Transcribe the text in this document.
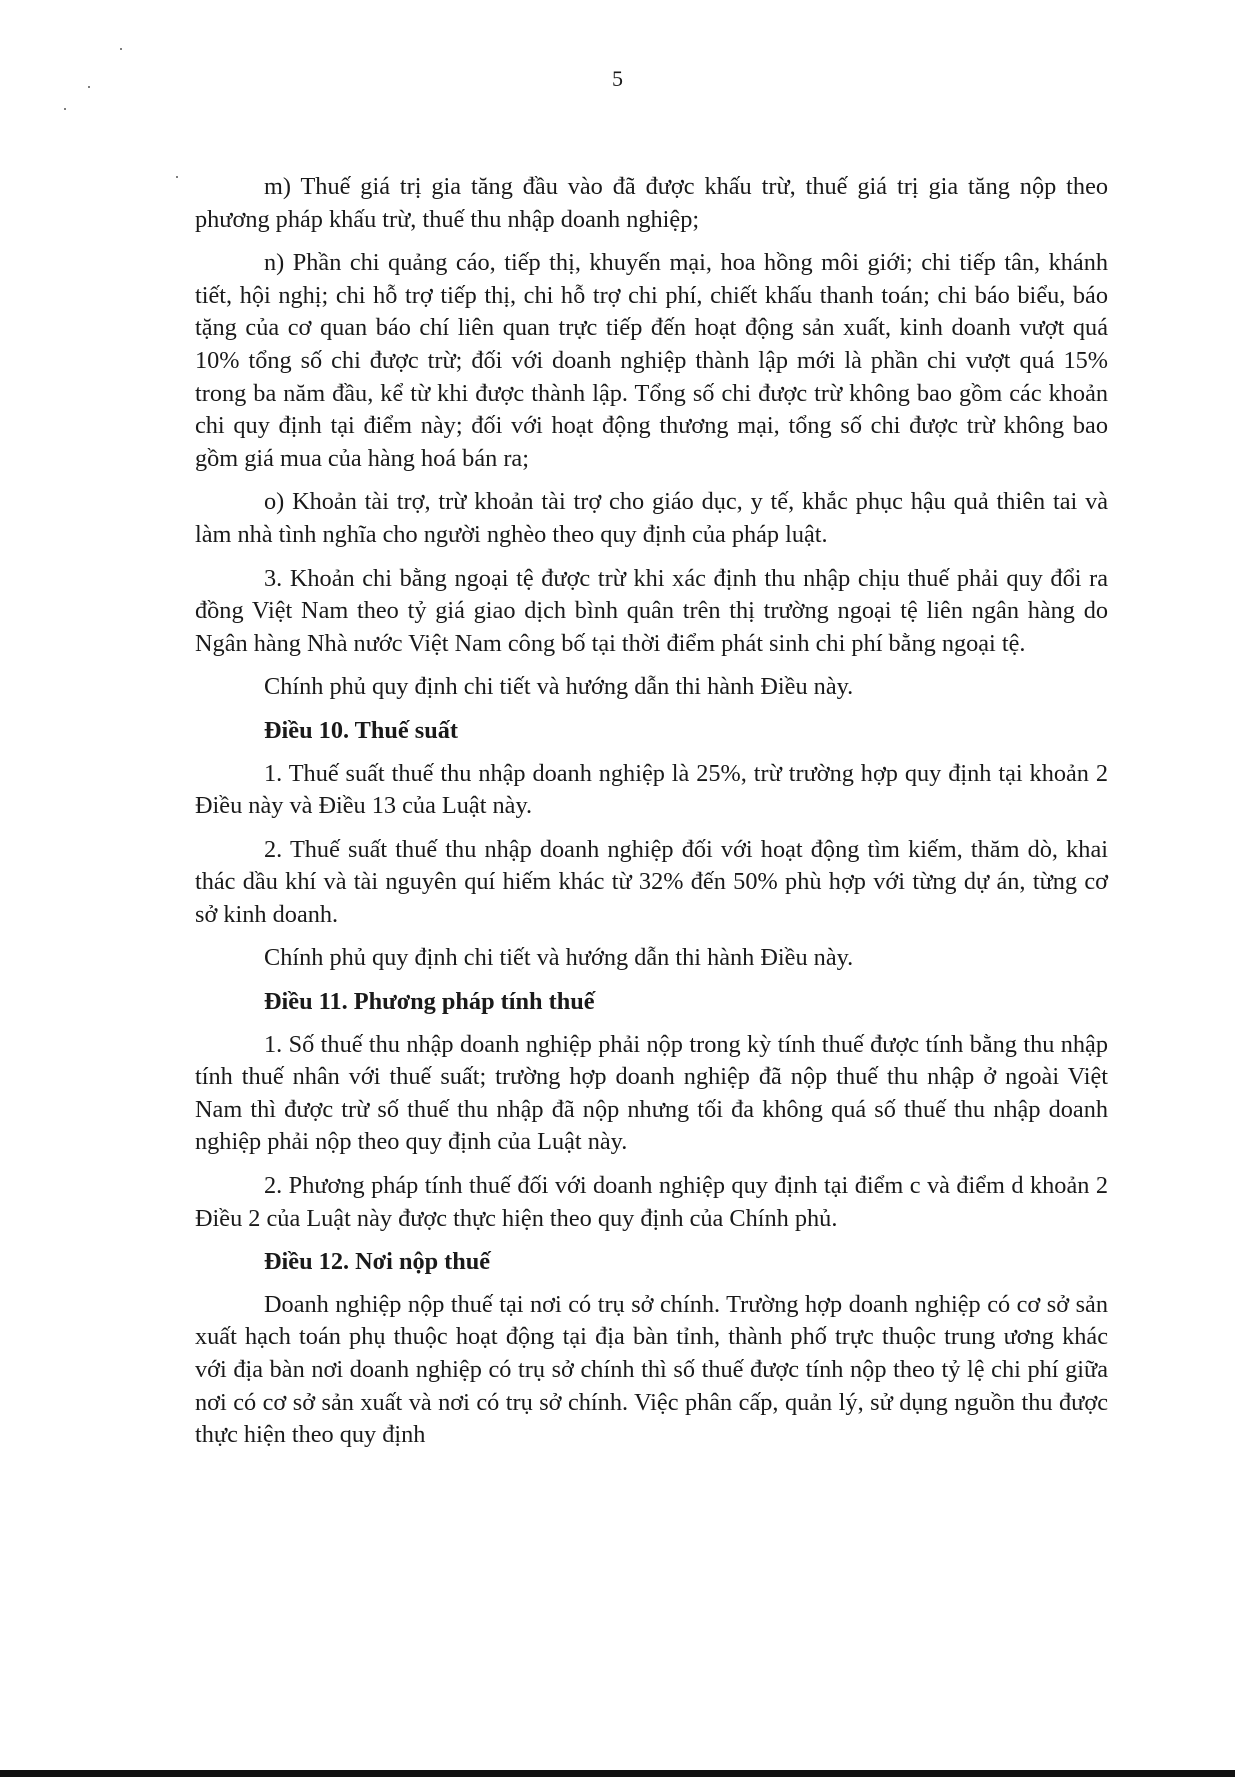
5

m) Thuế giá trị gia tăng đầu vào đã được khấu trừ, thuế giá trị gia tăng nộp theo phương pháp khấu trừ, thuế thu nhập doanh nghiệp;

n) Phần chi quảng cáo, tiếp thị, khuyến mại, hoa hồng môi giới; chi tiếp tân, khánh tiết, hội nghị; chi hỗ trợ tiếp thị, chi hỗ trợ chi phí, chiết khấu thanh toán; chi báo biểu, báo tặng của cơ quan báo chí liên quan trực tiếp đến hoạt động sản xuất, kinh doanh vượt quá 10% tổng số chi được trừ; đối với doanh nghiệp thành lập mới là phần chi vượt quá 15% trong ba năm đầu, kể từ khi được thành lập. Tổng số chi được trừ không bao gồm các khoản chi quy định tại điểm này; đối với hoạt động thương mại, tổng số chi được trừ không bao gồm giá mua của hàng hoá bán ra;

o) Khoản tài trợ, trừ khoản tài trợ cho giáo dục, y tế, khắc phục hậu quả thiên tai và làm nhà tình nghĩa cho người nghèo theo quy định của pháp luật.

3. Khoản chi bằng ngoại tệ được trừ khi xác định thu nhập chịu thuế phải quy đổi ra đồng Việt Nam theo tỷ giá giao dịch bình quân trên thị trường ngoại tệ liên ngân hàng do Ngân hàng Nhà nước Việt Nam công bố tại thời điểm phát sinh chi phí bằng ngoại tệ.

Chính phủ quy định chi tiết và hướng dẫn thi hành Điều này.

Điều 10. Thuế suất

1. Thuế suất thuế thu nhập doanh nghiệp là 25%, trừ trường hợp quy định tại khoản 2 Điều này và Điều 13 của Luật này.

2. Thuế suất thuế thu nhập doanh nghiệp đối với hoạt động tìm kiếm, thăm dò, khai thác dầu khí và tài nguyên quí hiếm khác từ 32% đến 50% phù hợp với từng dự án, từng cơ sở kinh doanh.

Chính phủ quy định chi tiết và hướng dẫn thi hành Điều này.

Điều 11. Phương pháp tính thuế

1. Số thuế thu nhập doanh nghiệp phải nộp trong kỳ tính thuế được tính bằng thu nhập tính thuế nhân với thuế suất; trường hợp doanh nghiệp đã nộp thuế thu nhập ở ngoài Việt Nam thì được trừ số thuế thu nhập đã nộp nhưng tối đa không quá số thuế thu nhập doanh nghiệp phải nộp theo quy định của Luật này.

2. Phương pháp tính thuế đối với doanh nghiệp quy định tại điểm c và điểm d khoản 2 Điều 2 của Luật này được thực hiện theo quy định của Chính phủ.

Điều 12. Nơi nộp thuế

Doanh nghiệp nộp thuế tại nơi có trụ sở chính. Trường hợp doanh nghiệp có cơ sở sản xuất hạch toán phụ thuộc hoạt động tại địa bàn tỉnh, thành phố trực thuộc trung ương khác với địa bàn nơi doanh nghiệp có trụ sở chính thì số thuế được tính nộp theo tỷ lệ chi phí giữa nơi có cơ sở sản xuất và nơi có trụ sở chính. Việc phân cấp, quản lý, sử dụng nguồn thu được thực hiện theo quy định
